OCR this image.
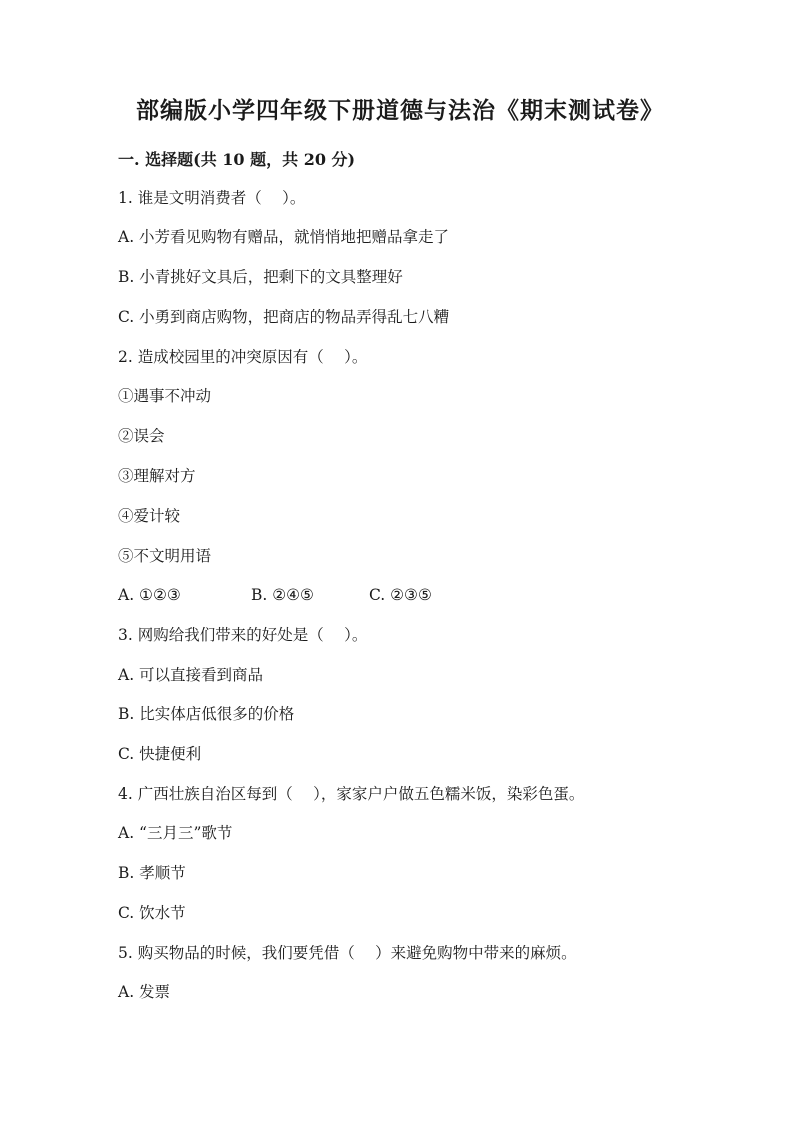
部编版小学四年级下册道德与法治《期末测试卷》
一. 选择题(共 10 题，共 20 分)
1. 谁是文明消费者（　 ）。
A. 小芳看见购物有赠品，就悄悄地把赠品拿走了
B. 小青挑好文具后，把剩下的文具整理好
C. 小勇到商店购物，把商店的物品弄得乱七八糟
2. 造成校园里的冲突原因有（　 ）。
①遇事不冲动
②误会
③理解对方
④爱计较
⑤不文明用语
A. ①②③	B. ②④⑤	C. ②③⑤
3. 网购给我们带来的好处是（　 ）。
A. 可以直接看到商品
B. 比实体店低很多的价格
C. 快捷便利
4. 广西壮族自治区每到（　 ），家家户户做五色糯米饭，染彩色蛋。
A. “三月三”歌节
B. 孝顺节
C. 饮水节
5. 购买物品的时候，我们要凭借（　 ）来避免购物中带来的麻烦。
A. 发票
